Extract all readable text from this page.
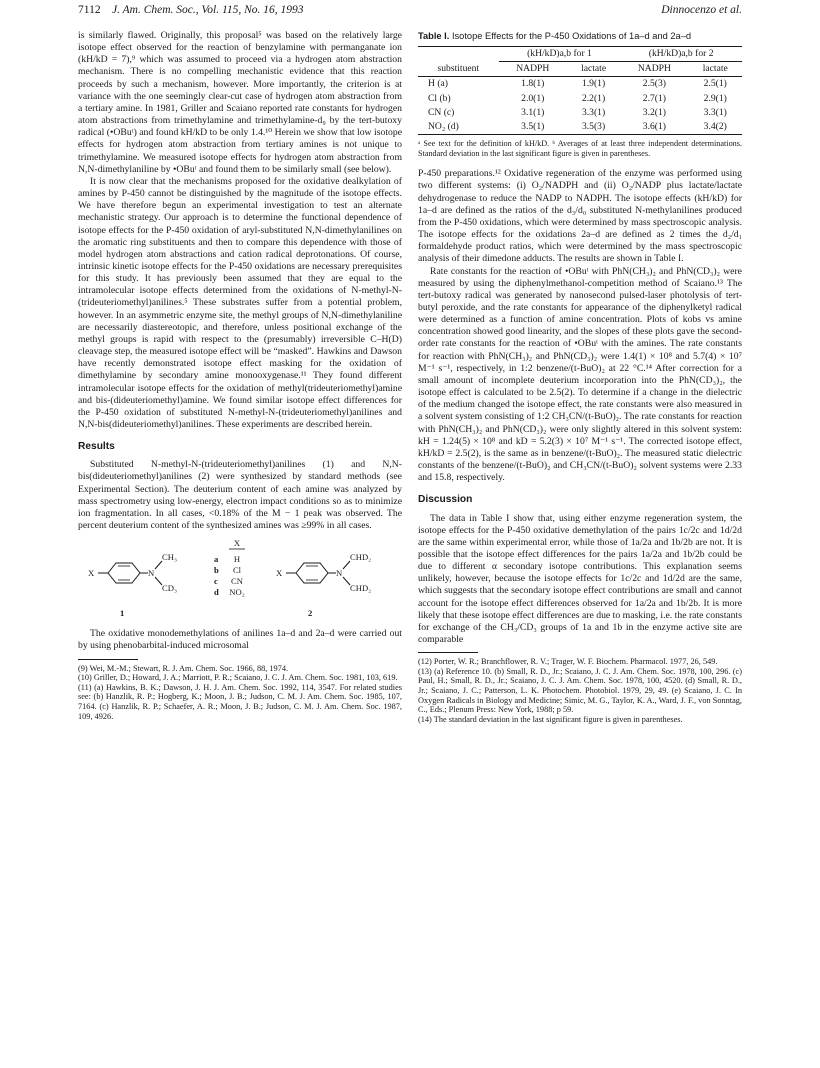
7112 J. Am. Chem. Soc., Vol. 115, No. 16, 1993	Dinnocenzo et al.

is similarly flawed. Originally, this proposal⁵ was based on the relatively large isotope effect observed for the reaction of benzylamine with permanganate ion (kH/kD = 7),⁹ which was assumed to proceed via a hydrogen atom abstraction mechanism. There is no compelling mechanistic evidence that this reaction proceeds by such a mechanism, however. More importantly, the criterion is at variance with the one seemingly clear-cut case of hydrogen atom abstraction from a tertiary amine. In 1981, Griller and Scaiano reported rate constants for hydrogen atom abstractions from trimethylamine and trimethylamine-d₉ by the tert-butoxy radical (•OBuᵗ) and found kH/kD to be only 1.4.¹⁰ Herein we show that low isotope effects for hydrogen atom abstraction from tertiary amines is not unique to trimethylamine. We measured isotope effects for hydrogen atom abstraction from N,N-dimethylaniline by •OBuᵗ and found them to be similarly small (see below).

It is now clear that the mechanisms proposed for the oxidative dealkylation of amines by P-450 cannot be distinguished by the magnitude of the isotope effects. We have therefore begun an experimental investigation to test an alternate mechanistic strategy. Our approach is to determine the functional dependence of isotope effects for the P-450 oxidation of aryl-substituted N,N-dimethylanilines on the aromatic ring substituents and then to compare this dependence with those of model hydrogen atom abstractions and cation radical deprotonations. Of course, intrinsic kinetic isotope effects for the P-450 oxidations are necessary prerequisites for this study. It has previously been assumed that they are equal to the intramolecular isotope effects determined from the oxidations of N-methyl-N-(trideuteriomethyl)anilines.⁵ These substrates suffer from a potential problem, however. In an asymmetric enzyme site, the methyl groups of N,N-dimethylaniline are necessarily diastereotopic, and therefore, unless positional exchange of the methyl groups is rapid with respect to the (presumably) irreversible C–H(D) cleavage step, the measured isotope effect will be “masked”. Hawkins and Dawson have recently demonstrated isotope effect masking for the oxidation of dimethylamine by secondary amine monooxygenase.¹¹ They found different intramolecular isotope effects for the oxidation of methyl(trideuteriomethyl)amine and bis-(dideuteriomethyl)amine. We found similar isotope effect differences for the P-450 oxidation of substituted N-methyl-N-(trideuteriomethyl)anilines and N,N-bis(dideuteriomethyl)anilines. These experiments are described herein.

Results

Substituted N-methyl-N-(trideuteriomethyl)anilines (1) and N,N-bis(dideuteriomethyl)anilines (2) were synthesized by standard methods (see Experimental Section). The deuterium content of each amine was analyzed by mass spectrometry using low-energy, electron impact conditions so as to minimize ion fragmentation. In all cases, <0.18% of the M − 1 peak was observed. The percent deuterium content of the synthesized amines was ≥99% in all cases.

X	N
CH₃
CD₃
1
X
a H
b Cl
c CN
d NO₂
X	N
CHD₂
CHD₂
2

The oxidative monodemethylations of anilines 1a–d and 2a–d were carried out by using phenobarbital-induced microsomal

(9) Wei, M.-M.; Stewart, R. J. Am. Chem. Soc. 1966, 88, 1974.

(10) Griller, D.; Howard, J. A.; Marriott, P. R.; Scaiano, J. C. J. Am. Chem. Soc. 1981, 103, 619.

(11) (a) Hawkins, B. K.; Dawson, J. H. J. Am. Chem. Soc. 1992, 114, 3547. For related studies see: (b) Hanzlik, R. P.; Hogberg, K.; Moon, J. B.; Judson, C. M. J. Am. Chem. Soc. 1985, 107, 7164. (c) Hanzlik, R. P.; Schaefer, A. R.; Moon, J. B.; Judson, C. M. J. Am. Chem. Soc. 1987, 109, 4926.

Table I. Isotope Effects for the P-450 Oxidations of 1a–d and 2a–d
	(kH/kD)a,b for 1		(kH/kD)a,b for 2	
substituent	NADPH	lactate	NADPH	lactate
H (a)	1.8(1)	1.9(1)	2.5(3)	2.5(1)
Cl (b)	2.0(1)	2.2(1)	2.7(1)	2.9(1)
CN (c)	3.1(1)	3.3(1)	3.2(1)	3.3(1)
NO₂ (d)	3.5(1)	3.5(3)	3.6(1)	3.4(2)

ᵃ See text for the definition of kH/kD. ᵇ Averages of at least three independent determinations. Standard deviation in the last significant figure is given in parentheses.

P-450 preparations.¹² Oxidative regeneration of the enzyme was performed using two different systems: (i) O₂/NADPH and (ii) O₂/NADP plus lactate/lactate dehydrogenase to reduce the NADP to NADPH. The isotope effects (kH/kD) for 1a–d are defined as the ratios of the d₃/d₀ substituted N-methylanilines produced from the P-450 oxidations, which were determined by mass spectroscopic analysis. The isotope effects for the oxidations 2a–d are defined as 2 times the d₂/d₁ formaldehyde product ratios, which were determined by the mass spectroscopic analysis of their dimedone adducts. The results are shown in Table I.

Rate constants for the reaction of •OBuᵗ with PhN(CH₃)₂ and PhN(CD₃)₂ were measured by using the diphenylmethanol-competition method of Scaiano.¹³ The tert-butoxy radical was generated by nanosecond pulsed-laser photolysis of tert-butyl peroxide, and the rate constants for appearance of the diphenylketyl radical were determined as a function of amine concentration. Plots of kobs vs amine concentration showed good linearity, and the slopes of these plots gave the second-order rate constants for the reaction of •OBuᵗ with the amines. The rate constants for reaction with PhN(CH₃)₂ and PhN(CD₃)₂ were 1.4(1) × 10⁸ and 5.7(4) × 10⁷ M⁻¹ s⁻¹, respectively, in 1:2 benzene/(t-BuO)₂ at 22 °C.¹⁴ After correction for a small amount of incomplete deuterium incorporation into the PhN(CD₃)₂, the isotope effect is calculated to be 2.5(2). To determine if a change in the dielectric of the medium changed the isotope effect, the rate constants were also measured in a solvent system consisting of 1:2 CH₃CN/(t-BuO)₂. The rate constants for reaction with PhN(CH₃)₂ and PhN(CD₃)₂ were only slightly altered in this solvent system: kH = 1.24(5) × 10⁸ and kD = 5.2(3) × 10⁷ M⁻¹ s⁻¹. The corrected isotope effect, kH/kD = 2.5(2), is the same as in benzene/(t-BuO)₂. The measured static dielectric constants of the benzene/(t-BuO)₂ and CH₃CN/(t-BuO)₂ solvent systems were 2.33 and 15.8, respectively.

Discussion

The data in Table I show that, using either enzyme regeneration system, the isotope effects for the P-450 oxidative demethylation of the pairs 1c/2c and 1d/2d are the same within experimental error, while those of 1a/2a and 1b/2b are not. It is possible that the isotope effect differences for the pairs 1a/2a and 1b/2b could be due to different α secondary isotope contributions. This explanation seems unlikely, however, because the isotope effects for 1c/2c and 1d/2d are the same, which suggests that the secondary isotope effect contributions are small and cannot account for the isotope effect differences observed for 1a/2a and 1b/2b. It is more likely that these isotope effect differences are due to masking, i.e. the rate constants for exchange of the CH₃/CD₃ groups of 1a and 1b in the enzyme active site are comparable

(12) Porter, W. R.; Branchflower, R. V.; Trager, W. F. Biochem. Pharmacol. 1977, 26, 549.

(13) (a) Reference 10. (b) Small, R. D., Jr.; Scaiano, J. C. J. Am. Chem. Soc. 1978, 100, 296. (c) Paul, H.; Small, R. D., Jr.; Scaiano, J. C. J. Am. Chem. Soc. 1978, 100, 4520. (d) Small, R. D., Jr.; Scaiano, J. C.; Patterson, L. K. Photochem. Photobiol. 1979, 29, 49. (e) Scaiano, J. C. In Oxygen Radicals in Biology and Medicine; Simic, M. G., Taylor, K. A., Ward, J. F., von Sonntag, C., Eds.; Plenum Press: New York, 1988; p 59.

(14) The standard deviation in the last significant figure is given in parentheses.
